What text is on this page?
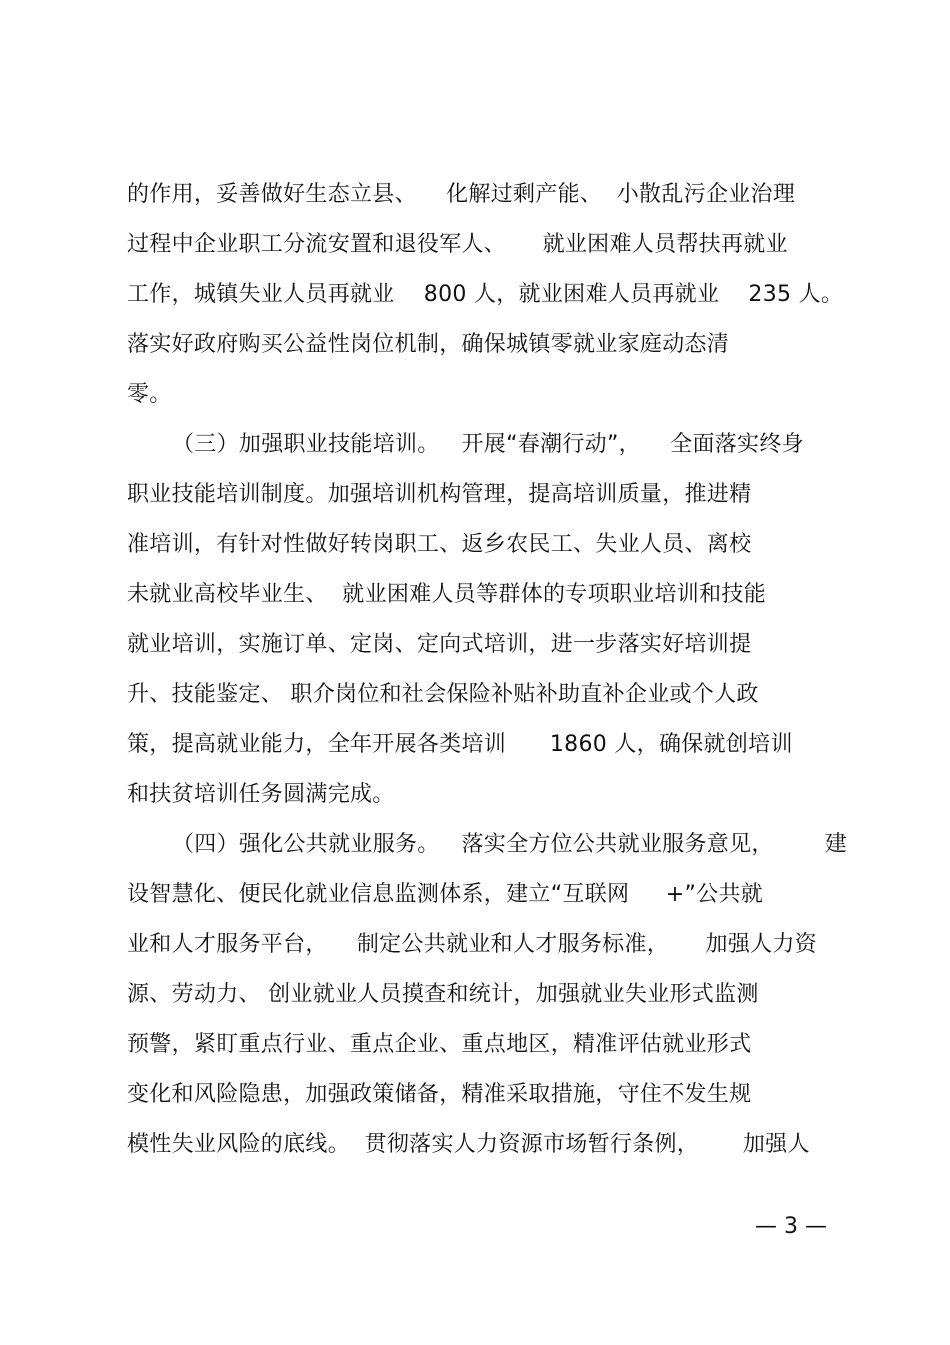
的作用，妥善做好生态立县、    化解过剩产能、  小散乱污企业治理
过程中企业职工分流安置和退役军人、     就业困难人员帮扶再就业
工作，城镇失业人员再就业    800 人，就业困难人员再就业    235 人。
落实好政府购买公益性岗位机制，确保城镇零就业家庭动态清
零。
（三）加强职业技能培训。   开展“春潮行动”，    全面落实终身
职业技能培训制度。加强培训机构管理，提高培训质量，推进精
准培训，有针对性做好转岗职工、返乡农民工、失业人员、离校
未就业高校毕业生、  就业困难人员等群体的专项职业培训和技能
就业培训，实施订单、定岗、定向式培训，进一步落实好培训提
升、技能鉴定、 职介岗位和社会保险补贴补助直补企业或个人政
策，提高就业能力，全年开展各类培训      1860 人，确保就创培训
和扶贫培训任务圆满完成。
（四）强化公共就业服务。   落实全方位公共就业服务意见，       建
设智慧化、便民化就业信息监测体系，建立“互联网     +”公共就
业和人才服务平台，    制定公共就业和人才服务标准，     加强人力资
源、劳动力、 创业就业人员摸查和统计，加强就业失业形式监测
预警，紧盯重点行业、重点企业、重点地区，精准评估就业形式
变化和风险隐患，加强政策储备，精准采取措施，守住不发生规
模性失业风险的底线。  贯彻落实人力资源市场暂行条例，      加强人
— 3 —
